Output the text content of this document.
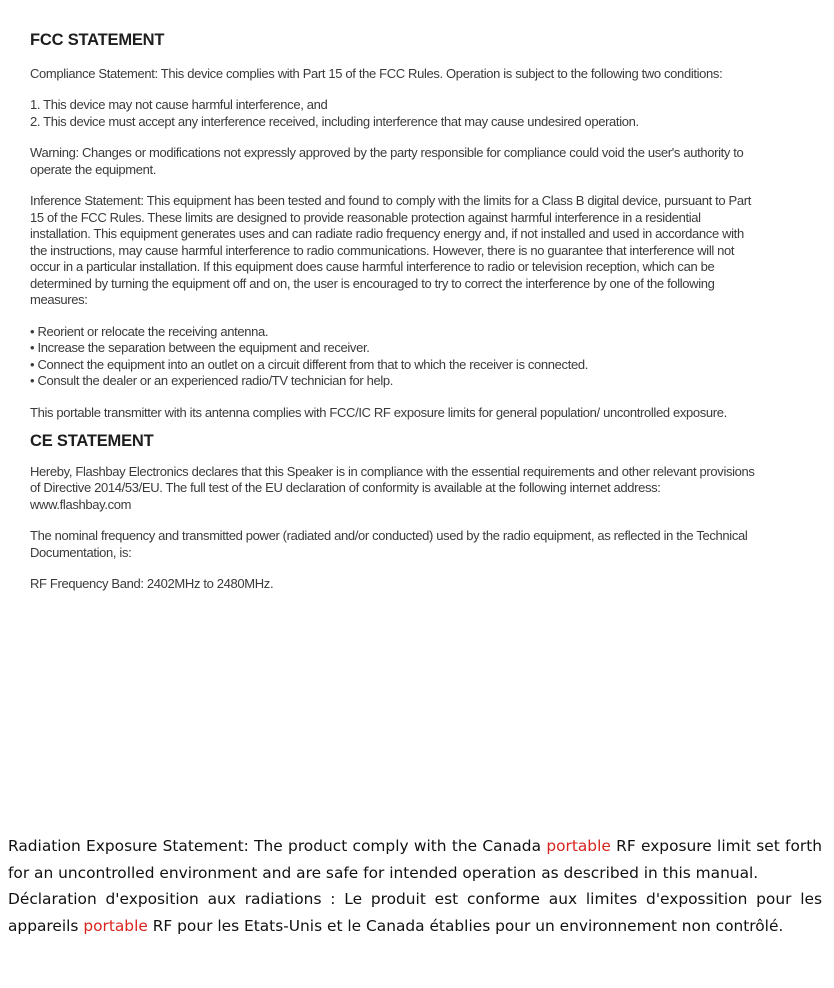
FCC STATEMENT

Compliance Statement: This device complies with Part 15 of the FCC Rules. Operation is subject to the following two conditions:

1. This device may not cause harmful interference, and
2. This device must accept any interference received, including interference that may cause undesired operation.

Warning: Changes or modifications not expressly approved by the party responsible for compliance could void the user's authority to operate the equipment.

Inference Statement: This equipment has been tested and found to comply with the limits for a Class B digital device, pursuant to Part 15 of the FCC Rules. These limits are designed to provide reasonable protection against harmful interference in a residential installation. This equipment generates uses and can radiate radio frequency energy and, if not installed and used in accordance with the instructions, may cause harmful interference to radio communications. However, there is no guarantee that interference will not occur in a particular installation. If this equipment does cause harmful interference to radio or television reception, which can be determined by turning the equipment off and on, the user is encouraged to try to correct the interference by one of the following measures:

• Reorient or relocate the receiving antenna.
• Increase the separation between the equipment and receiver.
• Connect the equipment into an outlet on a circuit different from that to which the receiver is connected.
• Consult the dealer or an experienced radio/TV technician for help.

This portable transmitter with its antenna complies with FCC/IC RF exposure limits for general population/ uncontrolled exposure.

CE STATEMENT

Hereby, Flashbay Electronics declares that this Speaker is in compliance with the essential requirements and other relevant provisions of Directive 2014/53/EU. The full test of the EU declaration of conformity is available at the following internet address: www.flashbay.com

The nominal frequency and transmitted power (radiated and/or conducted) used by the radio equipment, as reflected in the Technical Documentation, is:

RF Frequency Band: 2402MHz to 2480MHz.

Radiation Exposure Statement: The product comply with the Canada portable RF exposure limit set forth for an uncontrolled environment and are safe for intended operation as described in this manual.

Déclaration d'exposition aux radiations : Le produit est conforme aux limites d'expossition pour les appareils portable RF pour les Etats-Unis et le Canada établies pour un environnement non contrôlé.
